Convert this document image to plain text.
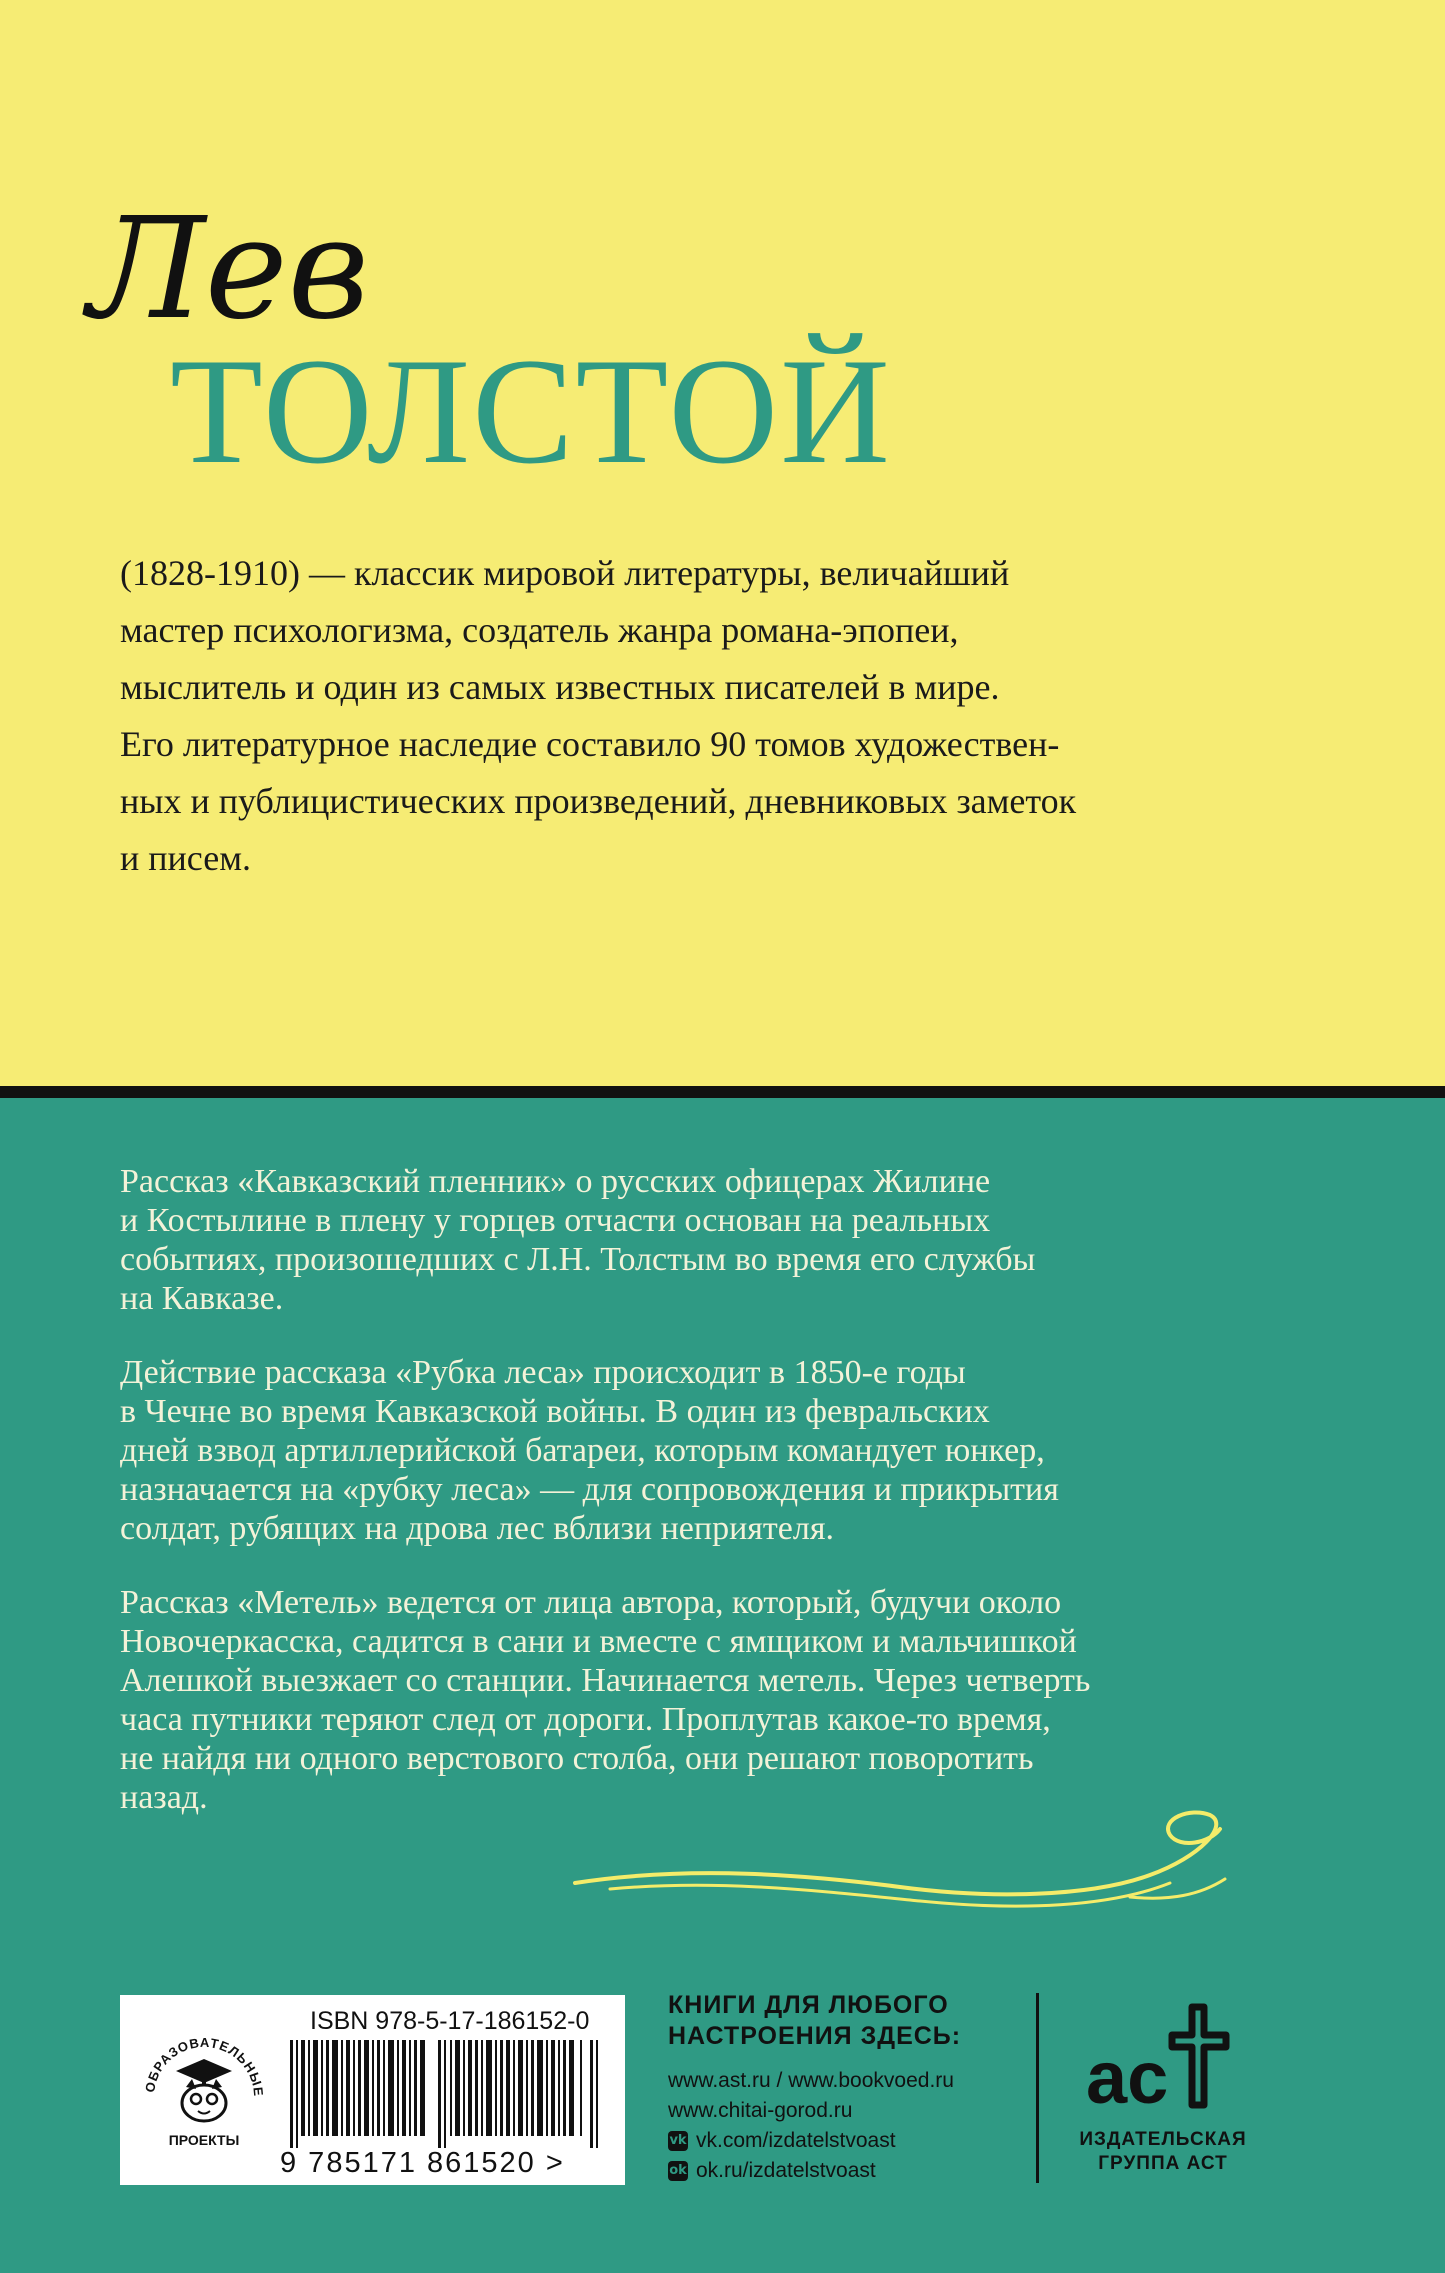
Лев
ТОЛСТОЙ

(1828-1910) — классик мировой литературы, величайший

мастер психологизма, создатель жанра романа-эпопеи,

мыслитель и один из самых известных писателей в мире.

Его литературное наследие составило 90 томов художествен-

ных и публицистических произведений, дневниковых заметок

и писем.

Рассказ «Кавказский пленник» о русских офицерах Жилине
и Костылине в плену у горцев отчасти основан на реальных
событиях, произошедших с Л.Н. Толстым во время его службы
на Кавказе.
Действие рассказа «Рубка леса» происходит в 1850-е годы
в Чечне во время Кавказской войны. В один из февральских
дней взвод артиллерийской батареи, которым командует юнкер,
назначается на «рубку леса» — для сопровождения и прикрытия
солдат, рубящих на дрова лес вблизи неприятеля.
Рассказ «Метель» ведется от лица автора, который, будучи около
Новочеркасска, садится в сани и вместе с ямщиком и мальчишкой
Алешкой выезжает со станции. Начинается метель. Через четверть
часа путники теряют след от дороги. Проплутав какое-то время,
не найдя ни одного верстового столба, они решают поворотить
назад.
ОБРАЗОВАТЕЛЬНЫЕ
ПРОЕКТЫ
ISBN 978-5-17-186152-0
9 785171 861520 >
КНИГИ ДЛЯ ЛЮБОГО
НАСТРОЕНИЯ ЗДЕСЬ:
www.ast.ru / www.bookvoed.ru
www.chitai-gorod.ru
vk vk.com/izdatelstvoast
ok ok.ru/izdatelstvoast
ac
ИЗДАТЕЛЬСКАЯ
ГРУППА АСТ
